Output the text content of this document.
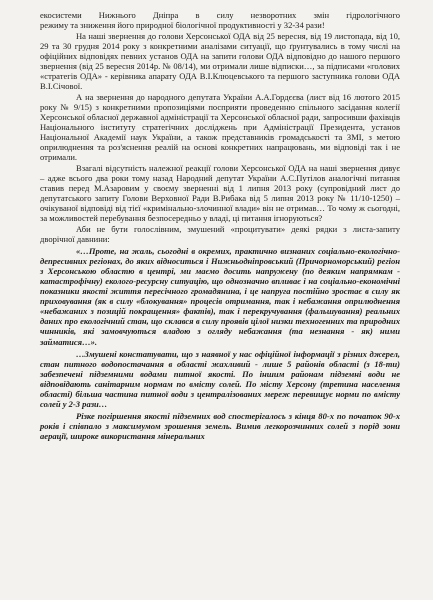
екосистеми Нижнього Дніпра в силу незворотних змін гідрологічного
режиму та зниження його природної біологічної продуктивності у 32-34 рази!

На наші звернення до голови Херсонської ОДА від 25 вересня, від 19 листопада, від 10, 29 та 30 грудня 2014 року з конкретними аналізами ситуації, що ґрунтувались в тому числі на офіційних відповідях певних установ ОДА на запити голови ОДА відповідно до нашого першого звернення (від 25 вересня 2014р. № 08/14), ми отримали лише відписки…, за підписами «голових «стратегів ОДА» - керівника апарату ОДА В.І.Клюцевського та першого заступника голови ОДА В.І.Січової.

А на звернення до народного депутата України А.А.Гордєєва (лист від 16 лютого 2015 року № 9/15) з конкретними пропозиціями посприяти проведенню спільного засідання колегії Херсонської обласної державної адміністрації та Херсонської обласної ради, запросивши фахівців Національного інституту стратегічних досліджень при Адміністрації Президента, установ Національної Академії наук України, а також представників громадськості та ЗМІ, з метою оприлюднення та роз'яснення реалій на основі конкретних напрацювань, ми відповіді так і не отримали.

Взагалі відсутність належної реакції голови Херсонської ОДА на наші звернення дивує – адже всього два роки тому назад Народний депутат України А.С.Путілов аналогічні питання ставив перед М.Азаровим у своєму зверненні від 1 липня 2013 року (супровідний лист до депутатського запиту Голови Верховної Ради В.Рибака від 5 липня 2013 року № 11/10-1250) – очікуваної відповіді від тієї «кримінально-злочинної влади» він не отримав… То чому ж сьогодні, за можливостей перебування безпосередньо у владі, ці питання ігноруються?

Аби не бути голослівним, змушений «процитувати» деякі рядки з листа-запиту дворічної давнини:

«…Проте, на жаль, сьогодні в окремих, практично визнаних соціально-екологічно-депресивних регіонах, до яких відноситься і Нижньодніпровський (Причорноморський) регіон з Херсонською областю в центрі, ми маємо досить напружену (по деяким напрямкам - катастрофічну) еколого-ресурсну ситуацію, що однозначно впливає і на соціально-економічні показники якості життя пересічного громадянина, і це напруга постійно зростає в силу як приховування (як в силу «блокування» процесів отримання, так і небажання оприлюднення «небажаних з позицій покращення» фактів), так і перекручування (фальшування) реальних даних про екологічний стан, що склався в силу проявів цілої низки техногенних та природних чинників, які замовчуються владою з огляду небажання (та незнання - як) ними займатися…».

…Змушені констатувати, що з наявної у нас офіційної інформації з різних джерел, стан питного водопостачання в області жахливий - лише 5 районів області (з 18-ти) забезпечені підземними водами питної якості. По іншим районам підземні води не відповідають санітарним нормам по вмісту солей. По місту Херсону (третина населення області) більша частина питної води з централізованих мереж перевищує норми по вмісту солей у 2-3 рази…

Різке погіршення якості підземних вод спостерігалось з кінця 80-х по початок 90-х років і співпало з максимумом зрошення земель. Вимив легкорозчинних солей з порід зони аерації, широке використання мінеральних
